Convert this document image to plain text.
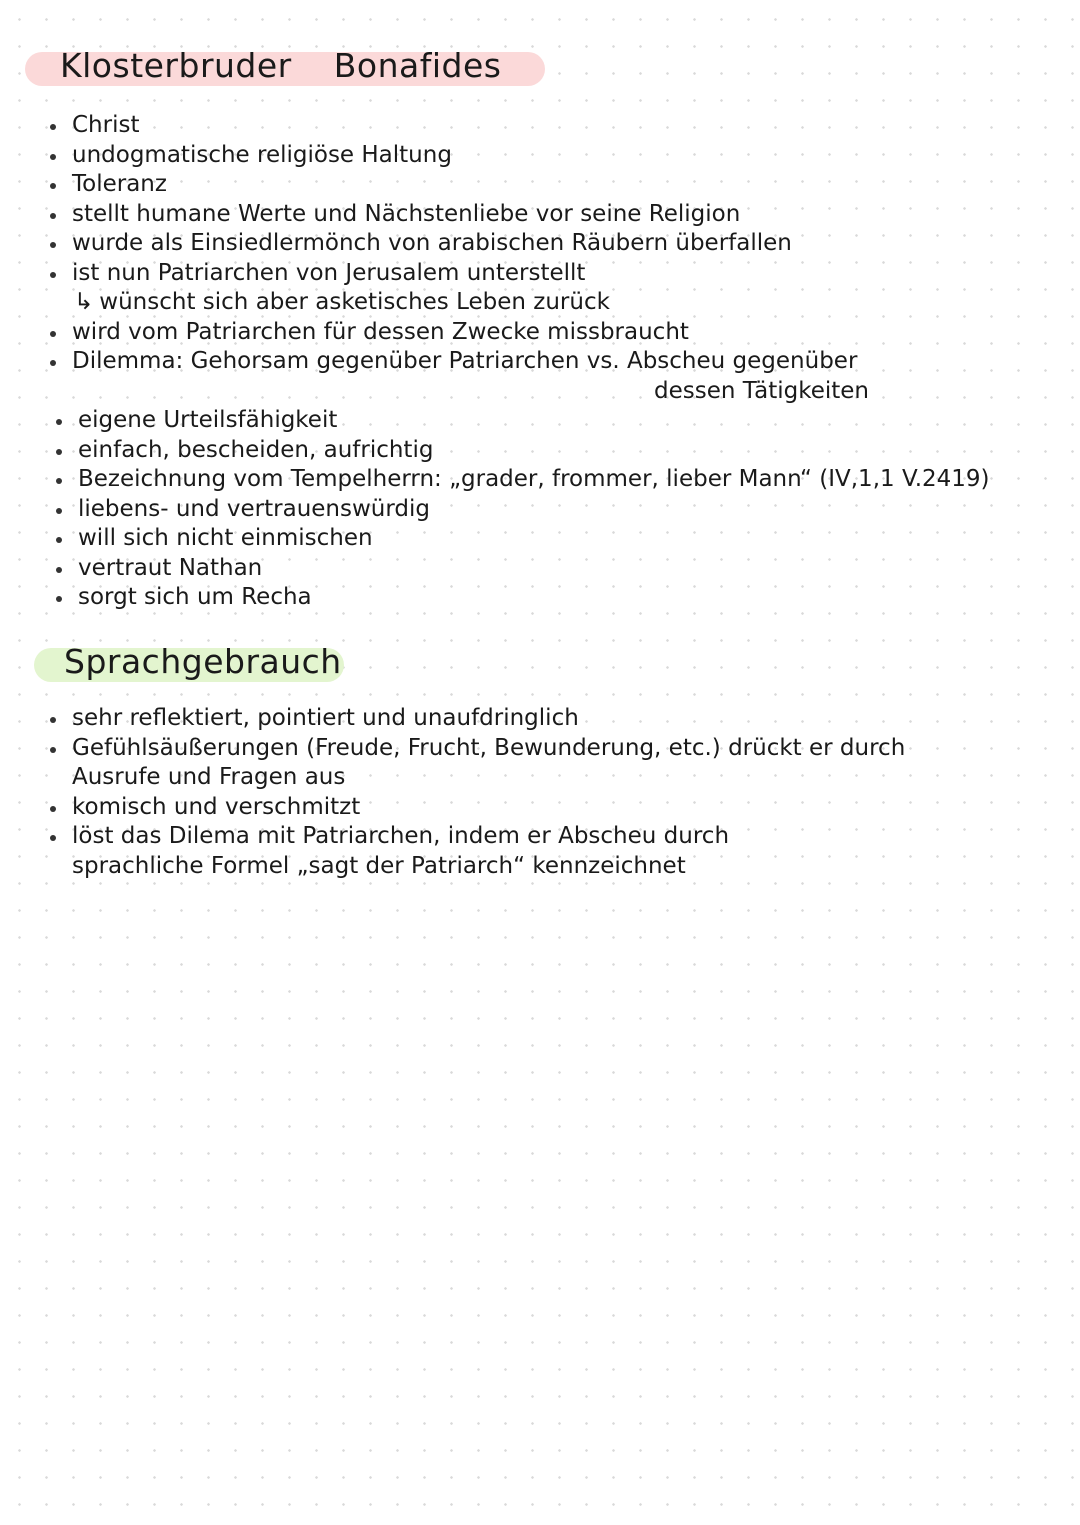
Klosterbruder Bonafides
Christ
undogmatische religiöse Haltung
Toleranz
stellt humane Werte und Nächstenliebe vor seine Religion
wurde als Einsiedlermönch von arabischen Räubern überfallen
ist nun Patriarchen von Jerusalem unterstellt
↳ wünscht sich aber asketisches Leben zurück
wird vom Patriarchen für dessen Zwecke missbraucht
Dilemma: Gehorsam gegenüber Patriarchen vs. Abscheu gegenüber
dessen Tätigkeiten
eigene Urteilsfähigkeit
einfach, bescheiden, aufrichtig
Bezeichnung vom Tempelherrn: „grader, frommer, lieber Mann“ (IV,1,1 V.2419)
liebens- und vertrauenswürdig
will sich nicht einmischen
vertraut Nathan
sorgt sich um Recha
Sprachgebrauch
sehr reflektiert, pointiert und unaufdringlich
Gefühlsäußerungen (Freude, Frucht, Bewunderung, etc.) drückt er durch
Ausrufe und Fragen aus
komisch und verschmitzt
löst das Dilema mit Patriarchen, indem er Abscheu durch
sprachliche Formel „sagt der Patriarch“ kennzeichnet
